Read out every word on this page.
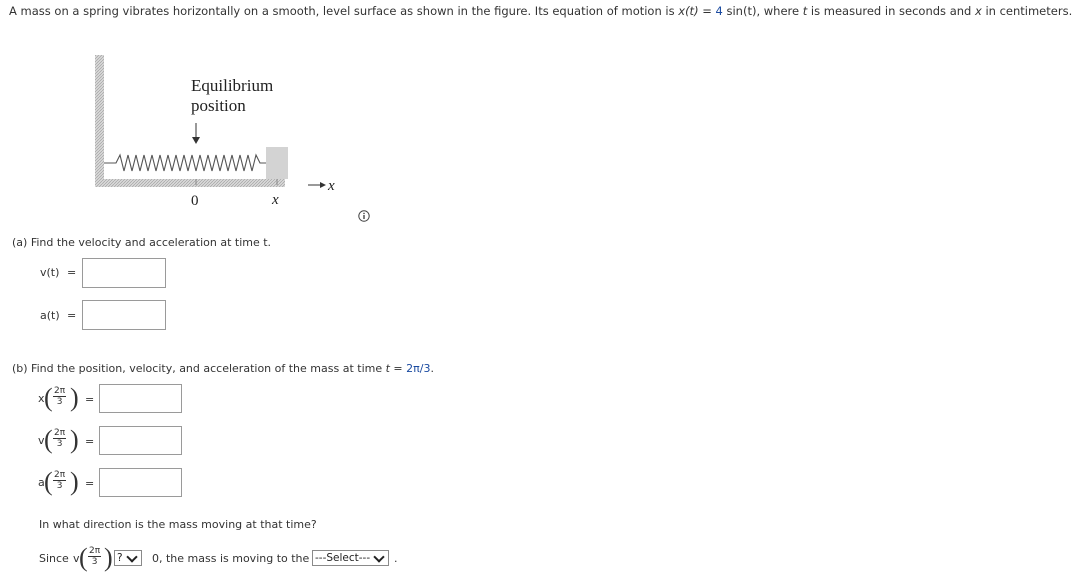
A mass on a spring vibrates horizontally on a smooth, level surface as shown in the figure. Its equation of motion is x(t) = 4 sin(t), where t is measured in seconds and x in centimeters.
Equilibrium
position
0	x
x
(a) Find the velocity and acceleration at time t.
v(t) =
a(t) =
(b) Find the position, velocity, and acceleration of the mass at time t = 2π/3.
x ( $\frac{2\pi}{3}$ ) =
v ( $\frac{2\pi}{3}$ ) =
a ( $\frac{2\pi}{3}$ ) =
In what direction is the mass moving at that time?
Since v ( $\frac{2\pi}{3}$ ) ?	0, the mass is moving to the ---Select--- .
